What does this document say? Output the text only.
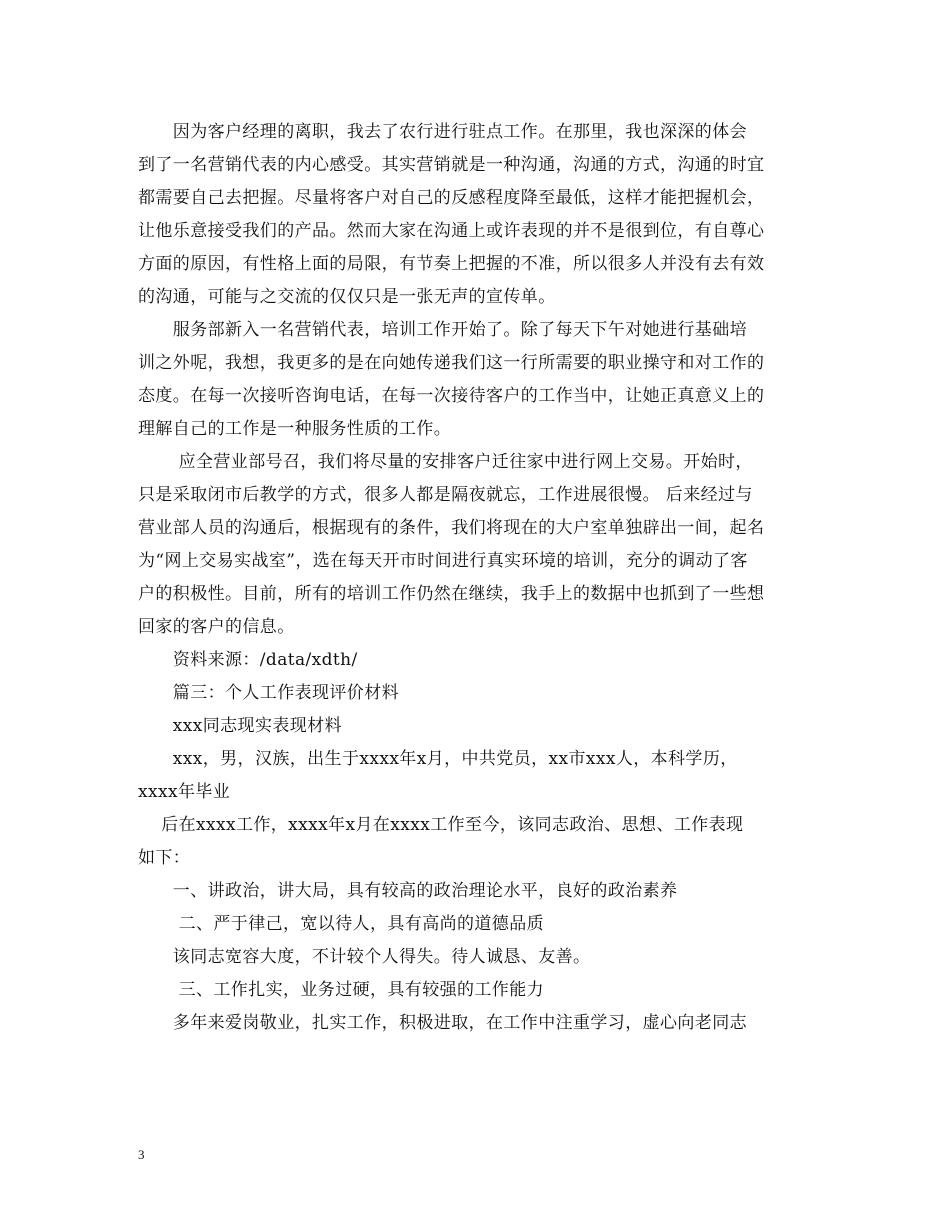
　　因为客户经理的离职，我去了农行进行驻点工作。在那里，我也深深的体会
到了一名营销代表的内心感受。其实营销就是一种沟通，沟通的方式，沟通的时宜
都需要自己去把握。尽量将客户对自己的反感程度降至最低，这样才能把握机会，
让他乐意接受我们的产品。然而大家在沟通上或许表现的并不是很到位，有自尊心
方面的原因，有性格上面的局限，有节奏上把握的不准，所以很多人并没有去有效
的沟通，可能与之交流的仅仅只是一张无声的宣传单。
　　服务部新入一名营销代表，培训工作开始了。除了每天下午对她进行基础培
训之外呢，我想，我更多的是在向她传递我们这一行所需要的职业操守和对工作的
态度。在每一次接听咨询电话，在每一次接待客户的工作当中，让她正真意义上的
理解自己的工作是一种服务性质的工作。
　　 应全营业部号召，我们将尽量的安排客户迁往家中进行网上交易。开始时，
只是采取闭市后教学的方式，很多人都是隔夜就忘，工作进展很慢。 后来经过与
营业部人员的沟通后，根据现有的条件，我们将现在的大户室单独辟出一间，起名
为“网上交易实战室”，选在每天开市时间进行真实环境的培训，充分的调动了客
户的积极性。目前，所有的培训工作仍然在继续，我手上的数据中也抓到了一些想
回家的客户的信息。
　　资料来源：/data/xdth/
　　篇三：个人工作表现评价材料
　　xxx同志现实表现材料
　　xxx，男，汉族，出生于xxxx年x月，中共党员，xx市xxx人，本科学历，
xxxx年毕业
　 后在xxxx工作，xxxx年x月在xxxx工作至今，该同志政治、思想、工作表现
如下：
　　一、讲政治，讲大局，具有较高的政治理论水平，良好的政治素养
　　 二、严于律己，宽以待人，具有高尚的道德品质
　　该同志宽容大度，不计较个人得失。待人诚恳、友善。
　　 三、工作扎实，业务过硬，具有较强的工作能力
　　多年来爱岗敬业，扎实工作，积极进取，在工作中注重学习，虚心向老同志
3
